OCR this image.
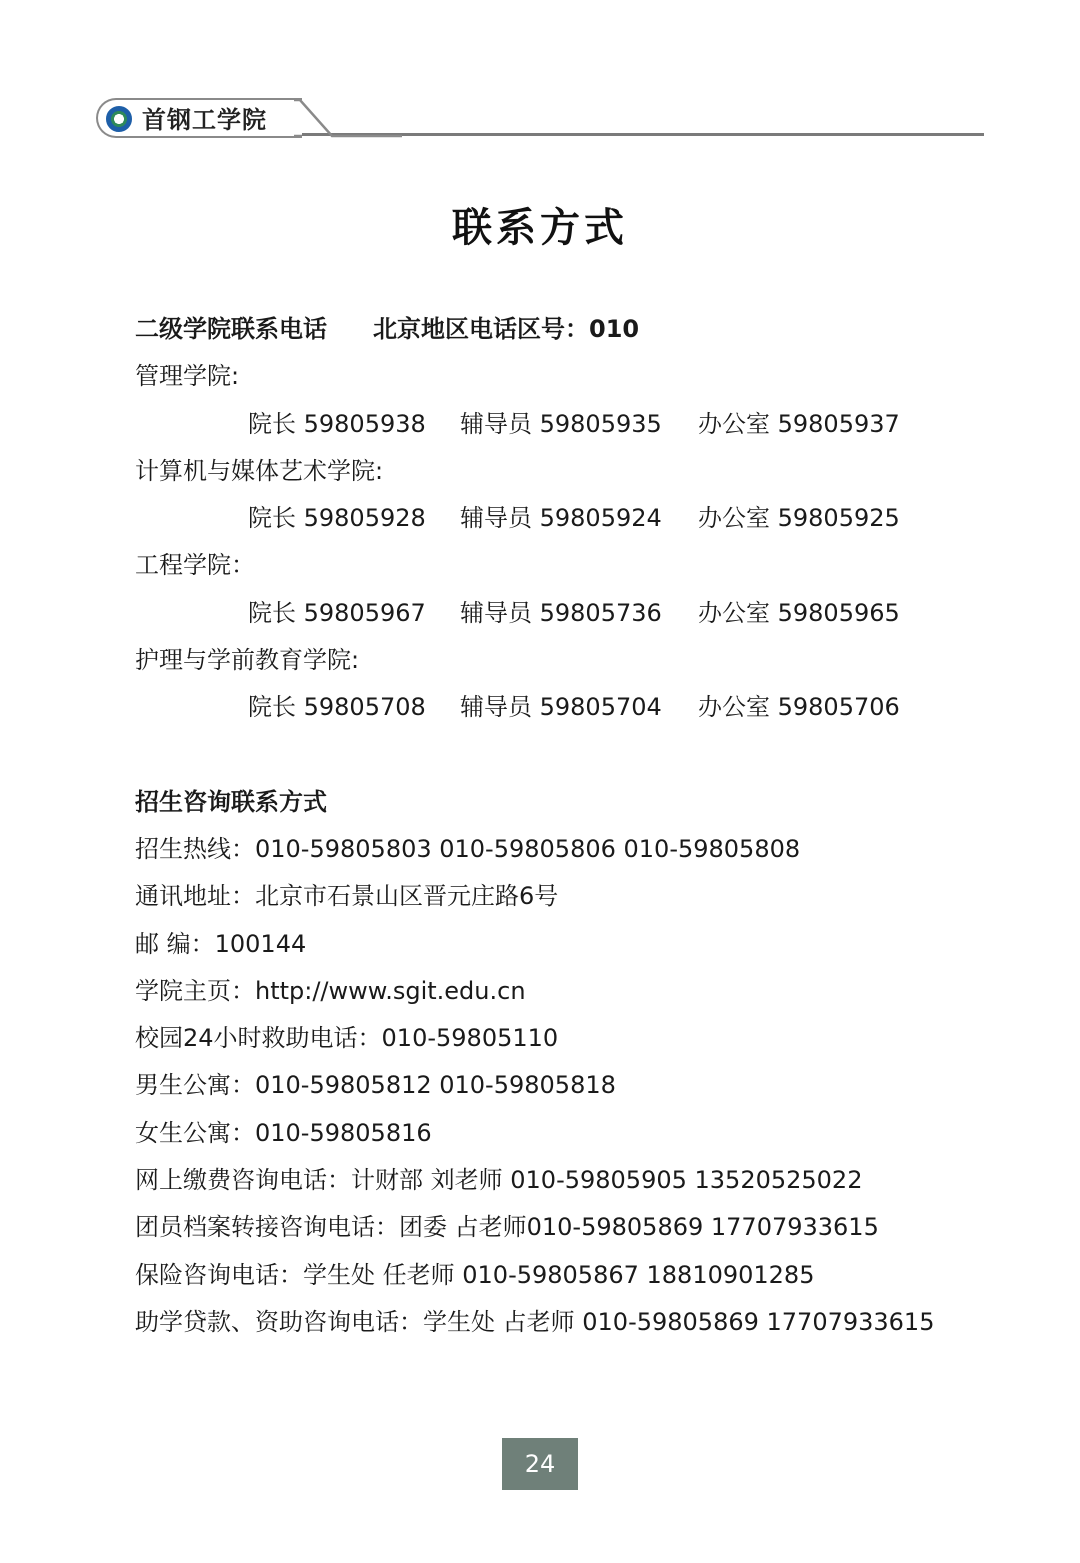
首钢工学院
联系方式
二级学院联系电话 北京地区电话区号：010
管理学院:
院长 59805938 辅导员 59805935 办公室 59805937
计算机与媒体艺术学院:
院长 59805928 辅导员 59805924 办公室 59805925
工程学院：
院长 59805967 辅导员 59805736 办公室 59805965
护理与学前教育学院:
院长 59805708 辅导员 59805704 办公室 59805706
招生咨询联系方式
招生热线：010-59805803 010-59805806 010-59805808
通讯地址：北京市石景山区晋元庄路6号
邮 编：100144
学院主页：http://www.sgit.edu.cn
校园24小时救助电话：010-59805110
男生公寓：010-59805812 010-59805818
女生公寓：010-59805816
网上缴费咨询电话：计财部 刘老师 010-59805905 13520525022
团员档案转接咨询电话：团委 占老师010-59805869 17707933615
保险咨询电话：学生处 任老师 010-59805867 18810901285
助学贷款、资助咨询电话：学生处 占老师 010-59805869 17707933615
24
